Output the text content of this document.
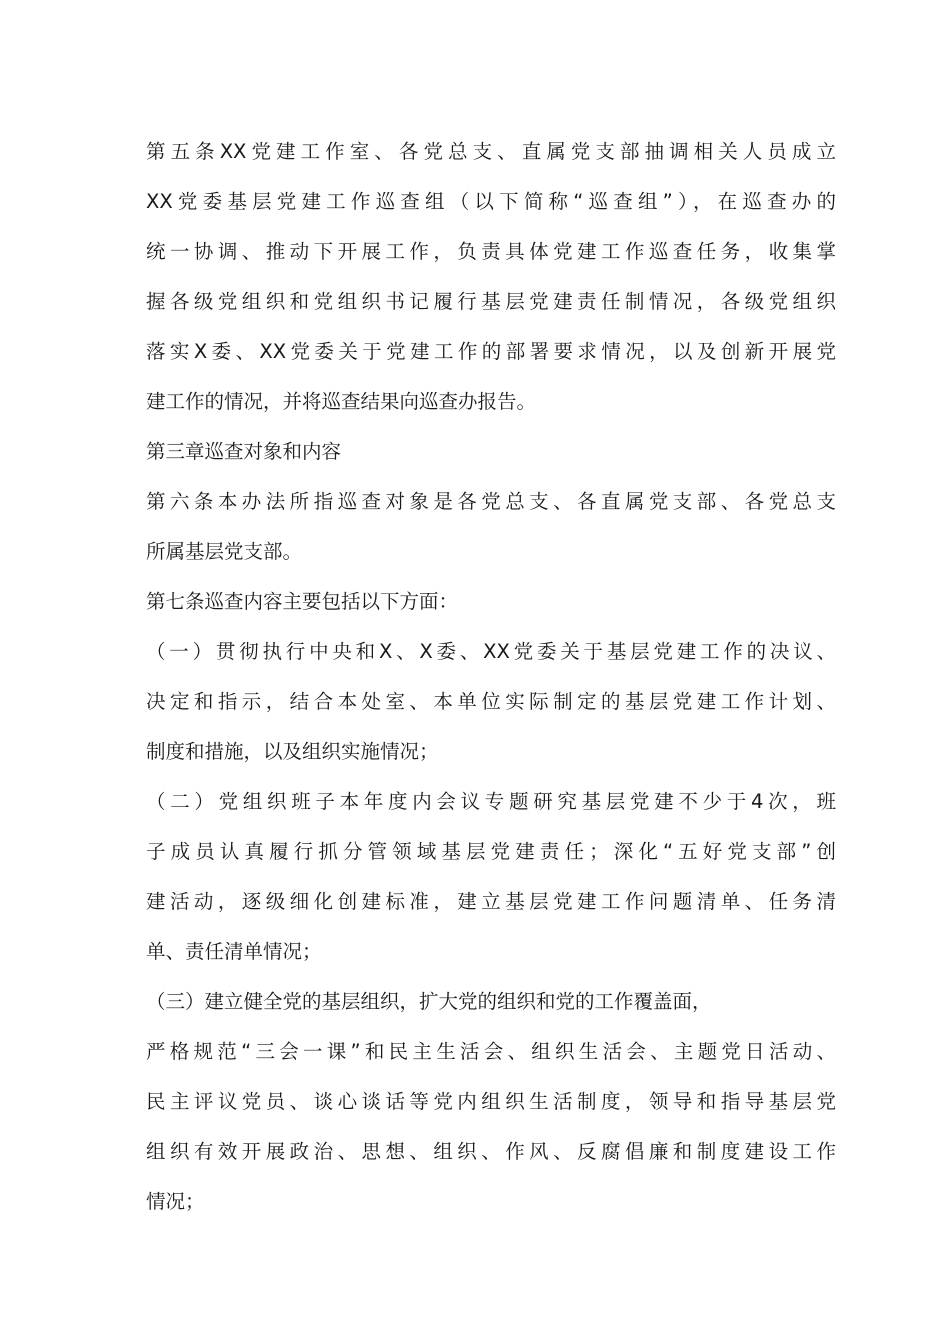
第五条XX党建工作室、各党总支、直属党支部抽调相关人员成立
XX党委基层党建工作巡查组（以下简称“巡查组”），在巡查办的
统一协调、推动下开展工作，负责具体党建工作巡查任务，收集掌
握各级党组织和党组织书记履行基层党建责任制情况，各级党组织
落实X委、XX党委关于党建工作的部署要求情况，以及创新开展党
建工作的情况，并将巡查结果向巡查办报告。
第三章巡查对象和内容
第六条本办法所指巡查对象是各党总支、各直属党支部、各党总支
所属基层党支部。
第七条巡查内容主要包括以下方面：
（一）贯彻执行中央和X、X委、XX党委关于基层党建工作的决议、
决定和指示，结合本处室、本单位实际制定的基层党建工作计划、
制度和措施，以及组织实施情况；
（二）党组织班子本年度内会议专题研究基层党建不少于4次，班
子成员认真履行抓分管领域基层党建责任；深化“五好党支部”创
建活动，逐级细化创建标准，建立基层党建工作问题清单、任务清
单、责任清单情况；
（三）建立健全党的基层组织，扩大党的组织和党的工作覆盖面，
严格规范“三会一课”和民主生活会、组织生活会、主题党日活动、
民主评议党员、谈心谈话等党内组织生活制度，领导和指导基层党
组织有效开展政治、思想、组织、作风、反腐倡廉和制度建设工作
情况；
